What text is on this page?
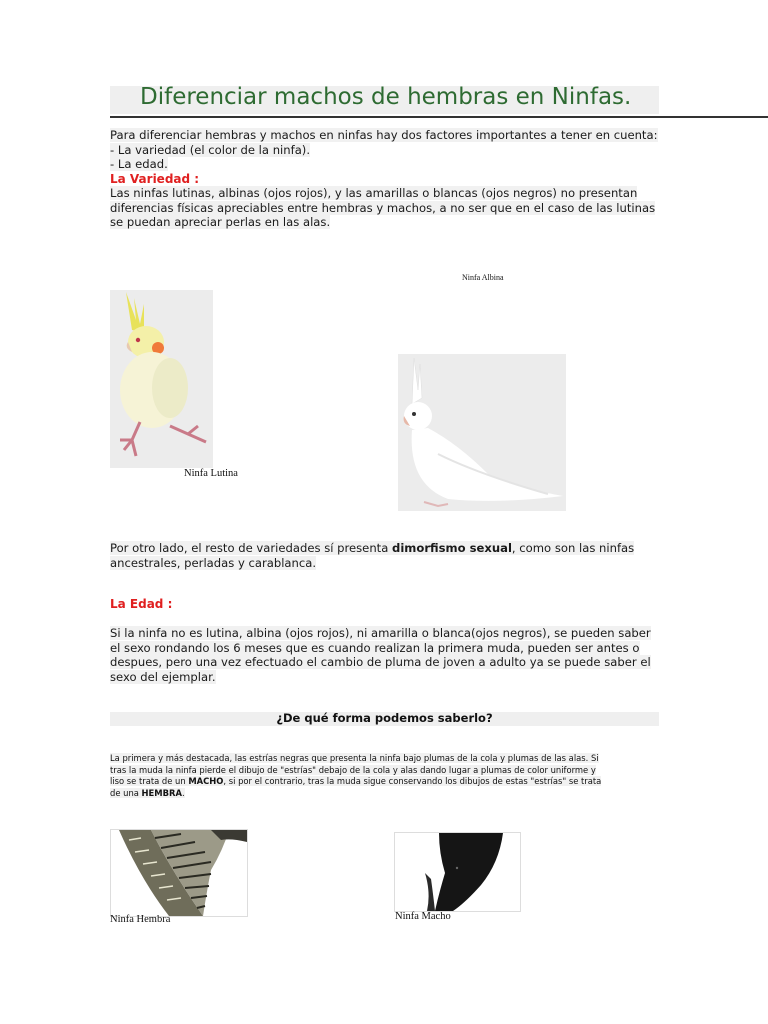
Diferenciar machos de hembras en Ninfas.
Para diferenciar hembras y machos en ninfas hay dos factores importantes a tener en cuenta:
- La variedad (el color de la ninfa).
- La edad.
La Variedad :
Las ninfas lutinas, albinas (ojos rojos), y las amarillas o blancas (ojos negros) no presentan
diferencias físicas apreciables entre hembras y machos, a no ser que en el caso de las lutinas
se puedan apreciar perlas en las alas.
Ninfa Albina
Ninfa Lutina
Por otro lado, el resto de variedades sí presenta dimorfismo sexual, como son las ninfas
ancestrales, perladas y carablanca.
La Edad :
Si la ninfa no es lutina, albina (ojos rojos), ni amarilla o blanca(ojos negros), se pueden saber
el sexo rondando los 6 meses que es cuando realizan la primera muda, pueden ser antes o
despues, pero una vez efectuado el cambio de pluma de joven a adulto ya se puede saber el
sexo del ejemplar.
¿De qué forma podemos saberlo?
La primera y más destacada, las estrías negras que presenta la ninfa bajo plumas de la cola y plumas de las alas. Si
tras la muda la ninfa pierde el dibujo de "estrías" debajo de la cola y alas dando lugar a plumas de color uniforme y
liso se trata de un MACHO, si por el contrario, tras la muda sigue conservando los dibujos de estas "estrías" se trata
de una HEMBRA.
Ninfa Hembra	Ninfa Macho
